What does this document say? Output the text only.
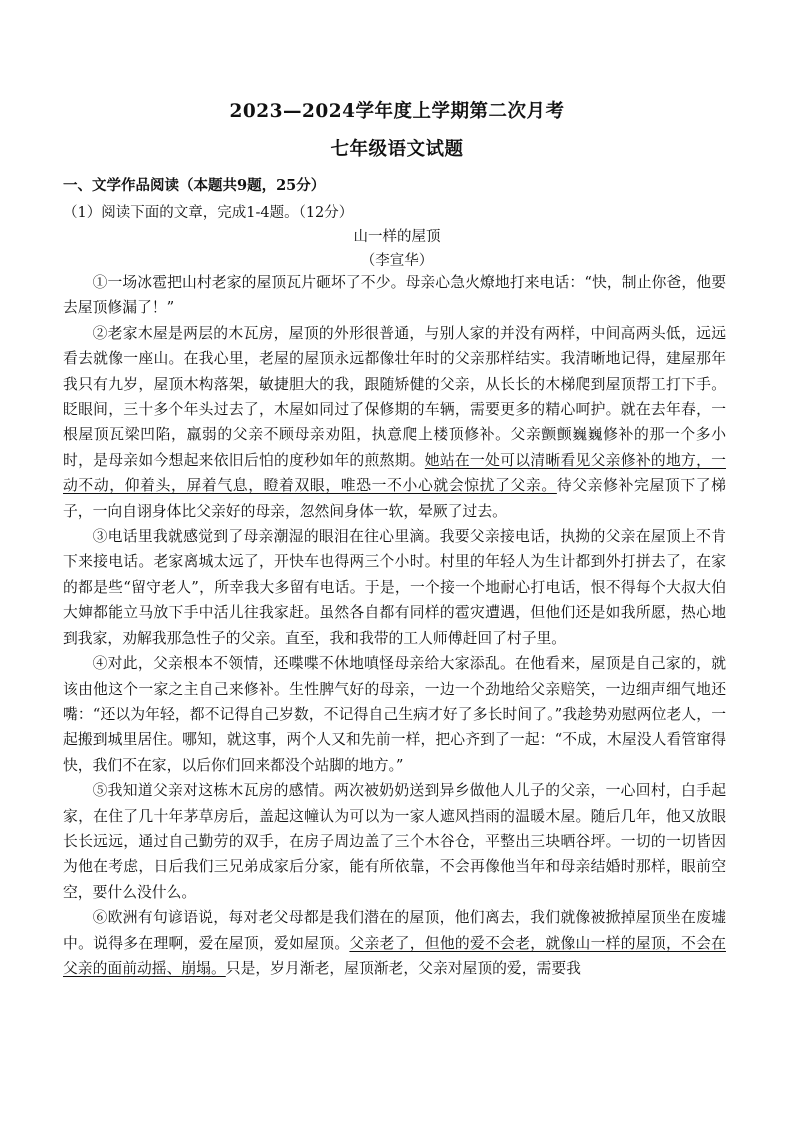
2023—2024学年度上学期第二次月考
七年级语文试题
一、文学作品阅读（本题共9题，25分）
（1）阅读下面的文章，完成1-4题。（12分）
山一样的屋顶
（李宣华）

①一场冰雹把山村老家的屋顶瓦片砸坏了不少。母亲心急火燎地打来电话：“快，制止你爸，他要去屋顶修漏了！”

②老家木屋是两层的木瓦房，屋顶的外形很普通，与别人家的并没有两样，中间高两头低，远远看去就像一座山。在我心里，老屋的屋顶永远都像壮年时的父亲那样结实。我清晰地记得，建屋那年我只有九岁，屋顶木构落架，敏捷胆大的我，跟随矫健的父亲，从长长的木梯爬到屋顶帮工打下手。眨眼间，三十多个年头过去了，木屋如同过了保修期的车辆，需要更多的精心呵护。就在去年春，一根屋顶瓦梁凹陷，羸弱的父亲不顾母亲劝阻，执意爬上楼顶修补。父亲颤颤巍巍修补的那一个多小时，是母亲如今想起来依旧后怕的度秒如年的煎熬期。她站在一处可以清晰看见父亲修补的地方，一动不动，仰着头，屏着气息，瞪着双眼，唯恐一不小心就会惊扰了父亲。待父亲修补完屋顶下了梯子，一向自诩身体比父亲好的母亲，忽然间身体一软，晕厥了过去。

③电话里我就感觉到了母亲潮湿的眼泪在往心里滴。我要父亲接电话，执拗的父亲在屋顶上不肯下来接电话。老家离城太远了，开快车也得两三个小时。村里的年轻人为生计都到外打拼去了，在家的都是些“留守老人”，所幸我大多留有电话。于是，一个接一个地耐心打电话，恨不得每个大叔大伯大婶都能立马放下手中活儿往我家赶。虽然各自都有同样的雹灾遭遇，但他们还是如我所愿，热心地到我家，劝解我那急性子的父亲。直至，我和我带的工人师傅赶回了村子里。

④对此，父亲根本不领情，还喋喋不休地嗔怪母亲给大家添乱。在他看来，屋顶是自己家的，就该由他这个一家之主自己来修补。生性脾气好的母亲，一边一个劲地给父亲赔笑，一边细声细气地还嘴：“还以为年轻，都不记得自己岁数，不记得自己生病才好了多长时间了。”我趁势劝慰两位老人，一起搬到城里居住。哪知，就这事，两个人又和先前一样，把心齐到了一起：“不成，木屋没人看管窜得快，我们不在家，以后你们回来都没个站脚的地方。”

⑤我知道父亲对这栋木瓦房的感情。两次被奶奶送到异乡做他人儿子的父亲，一心回村，白手起家，在住了几十年茅草房后，盖起这幢认为可以为一家人遮风挡雨的温暖木屋。随后几年，他又放眼长长远远，通过自己勤劳的双手，在房子周边盖了三个木谷仓，平整出三块晒谷坪。一切的一切皆因为他在考虑，日后我们三兄弟成家后分家，能有所依靠，不会再像他当年和母亲结婚时那样，眼前空空，要什么没什么。

⑥欧洲有句谚语说，每对老父母都是我们潜在的屋顶，他们离去，我们就像被掀掉屋顶坐在废墟中。说得多在理啊，爱在屋顶，爱如屋顶。父亲老了，但他的爱不会老，就像山一样的屋顶，不会在父亲的面前动摇、崩塌。只是，岁月渐老，屋顶渐老，父亲对屋顶的爱，需要我
